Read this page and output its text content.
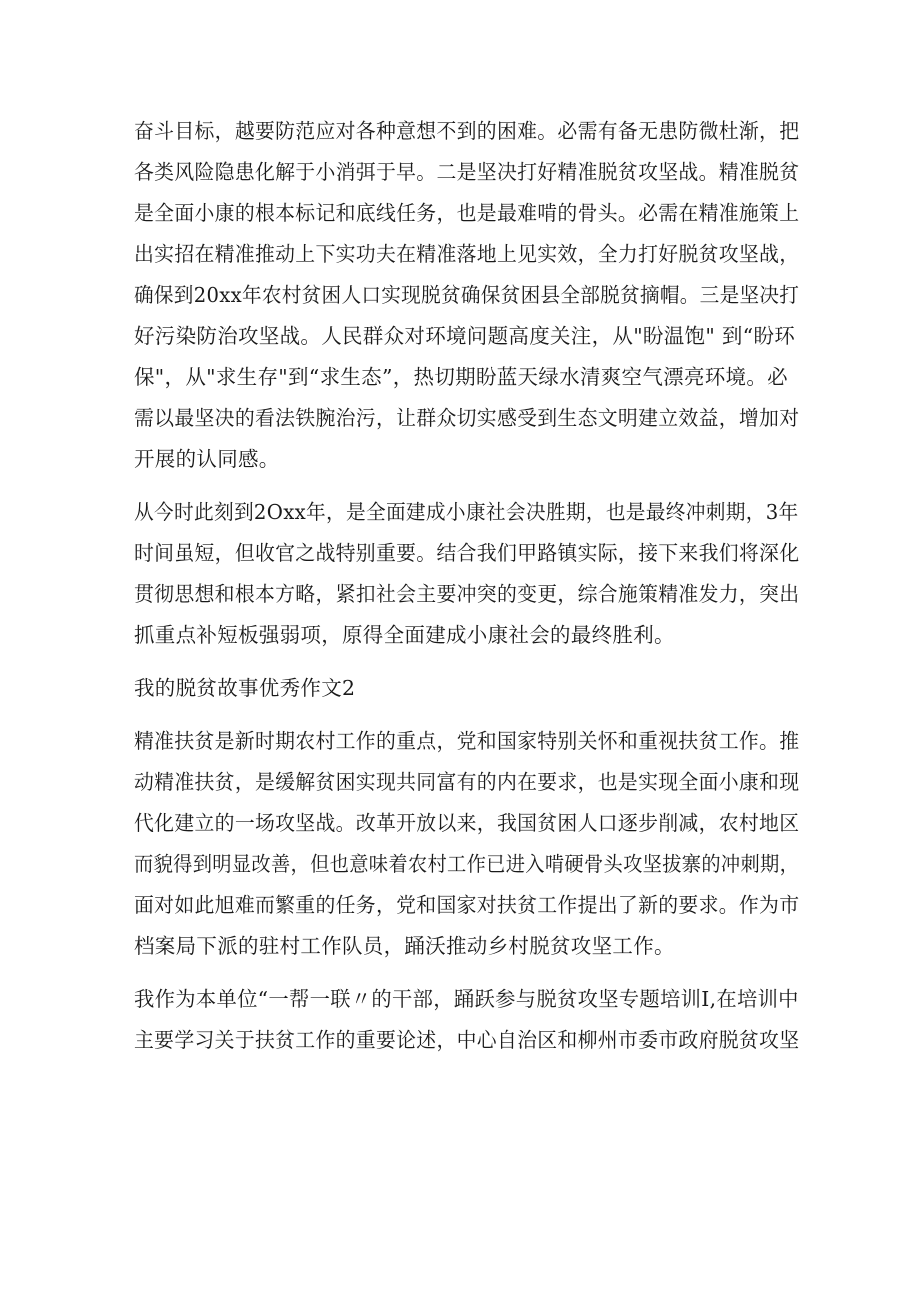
奋斗目标，越要防范应对各种意想不到的困难。必需有备无患防微杜渐，把
各类风险隐患化解于小消弭于早。二是坚决打好精准脱贫攻坚战。精准脱贫
是全面小康的根本标记和底线任务，也是最难啃的骨头。必需在精准施策上
出实招在精准推动上下实功夫在精准落地上见实效，全力打好脱贫攻坚战，
确保到20xx年农村贫困人口实现脱贫确保贫困县全部脱贫摘帽。三是坚决打
好污染防治攻坚战。人民群众对环境问题高度关注，从"盼温饱" 到“盼环
保"，从"求生存"到“求生态”，热切期盼蓝天绿水清爽空气漂亮环境。必
需以最坚决的看法铁腕治污，让群众切实感受到生态文明建立效益，增加对
开展的认同感。
从今时此刻到2Oxx年，是全面建成小康社会决胜期，也是最终冲刺期，3年
时间虽短，但收官之战特别重要。结合我们甲路镇实际，接下来我们将深化
贯彻思想和根本方略，紧扣社会主要冲突的变更，综合施策精准发力，突出
抓重点补短板强弱项，原得全面建成小康社会的最终胜利。
我的脱贫故事优秀作文2
精准扶贫是新时期农村工作的重点，党和国家特别关怀和重视扶贫工作。推
动精准扶贫，是缓解贫困实现共同富有的内在要求，也是实现全面小康和现
代化建立的一场攻坚战。改革开放以来，我国贫困人口逐步削减，农村地区
而貌得到明显改善，但也意味着农村工作已进入啃硬骨头攻坚拔寨的冲刺期，
面对如此旭难而繁重的任务，党和国家对扶贫工作提出了新的要求。作为市
档案局下派的驻村工作队员，踊沃推动乡村脱贫攻坚工作。
我作为本单位“一帮一联〃的干部，踊跃参与脱贫攻坚专题培训I,在培训中
主要学习关于扶贫工作的重要论述，中心自治区和柳州市委市政府脱贫攻坚
